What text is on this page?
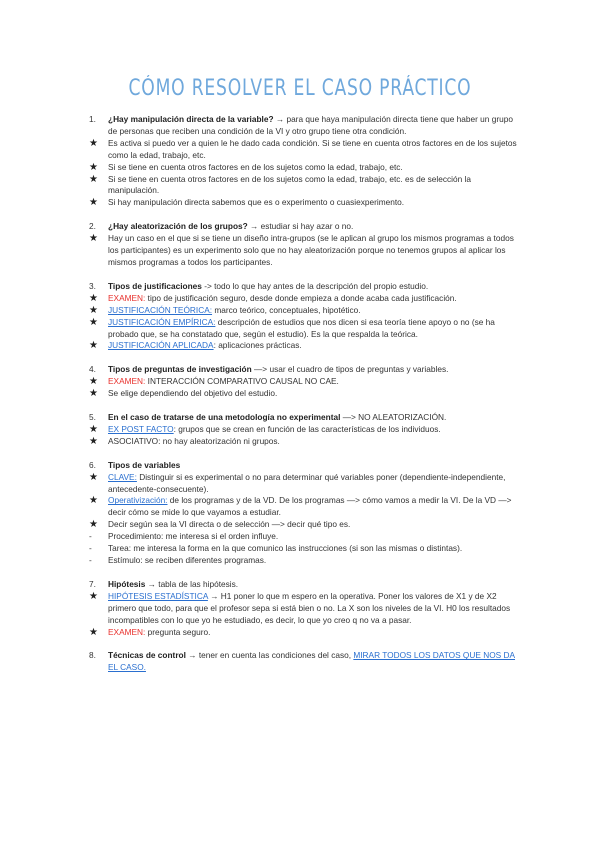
CÓMO RESOLVER EL CASO PRÁCTICO
1.	¿Hay manipulación directa de la variable? → para que haya manipulación directa tiene que haber un grupo de personas que reciben una condición de la VI y otro grupo tiene otra condición.
★	Es activa si puedo ver a quien le he dado cada condición. Si se tiene en cuenta otros factores en de los sujetos como la edad, trabajo, etc.
★	Si se tiene en cuenta otros factores en de los sujetos como la edad, trabajo, etc.
★	Si se tiene en cuenta otros factores en de los sujetos como la edad, trabajo, etc. es de selección la manipulación.
★	Si hay manipulación directa sabemos que es o experimento o cuasiexperimento.
2.	¿Hay aleatorización de los grupos? → estudiar si hay azar o no.
★	Hay un caso en el que si se tiene un diseño intra-grupos (se le aplican al grupo los mismos programas a todos los participantes) es un experimento solo que no hay aleatorización porque no tenemos grupos al aplicar los mismos programas a todos los participantes.
3.	Tipos de justificaciones -> todo lo que hay antes de la descripción del propio estudio.
★	EXAMEN: tipo de justificación seguro, desde donde empieza a donde acaba cada justificación.
★	JUSTIFICACIÓN TEÓRICA: marco teórico, conceptuales, hipotético.
★	JUSTIFICACIÓN EMPÍRICA: descripción de estudios que nos dicen si esa teoría tiene apoyo o no (se ha probado que, se ha constatado que, según el estudio). Es la que respalda la teórica.
★	JUSTIFICACIÓN APLICADA: aplicaciones prácticas.
4.	Tipos de preguntas de investigación —> usar el cuadro de tipos de preguntas y variables.
★	EXAMEN: INTERACCIÓN COMPARATIVO CAUSAL NO CAE.
★	Se elige dependiendo del objetivo del estudio.
5.	En el caso de tratarse de una metodología no experimental —> NO ALEATORIZACIÓN.
★	EX POST FACTO: grupos que se crean en función de las características de los individuos.
★	ASOCIATIVO: no hay aleatorización ni grupos.
6.	Tipos de variables
★	CLAVE: Distinguir si es experimental o no para determinar qué variables poner (dependiente-independiente, antecedente-consecuente).
★	Operativización: de los programas y de la VD. De los programas —> cómo vamos a medir la VI. De la VD —> decir cómo se mide lo que vayamos a estudiar.
★	Decir según sea la VI directa o de selección —> decir qué tipo es.
-	Procedimiento: me interesa si el orden influye.
-	Tarea: me interesa la forma en la que comunico las instrucciones (si son las mismas o distintas).
-	Estímulo: se reciben diferentes programas.
7.	Hipótesis → tabla de las hipótesis.
★	HIPÓTESIS ESTADÍSTICA → H1 poner lo que m espero en la operativa. Poner los valores de X1 y de X2 primero que todo, para que el profesor sepa si está bien o no. La X son los niveles de la VI. H0 los resultados incompatibles con lo que yo he estudiado, es decir, lo que yo creo q no va a pasar.
★	EXAMEN: pregunta seguro.
8.	Técnicas de control → tener en cuenta las condiciones del caso, MIRAR TODOS LOS DATOS QUE NOS DA EL CASO.
